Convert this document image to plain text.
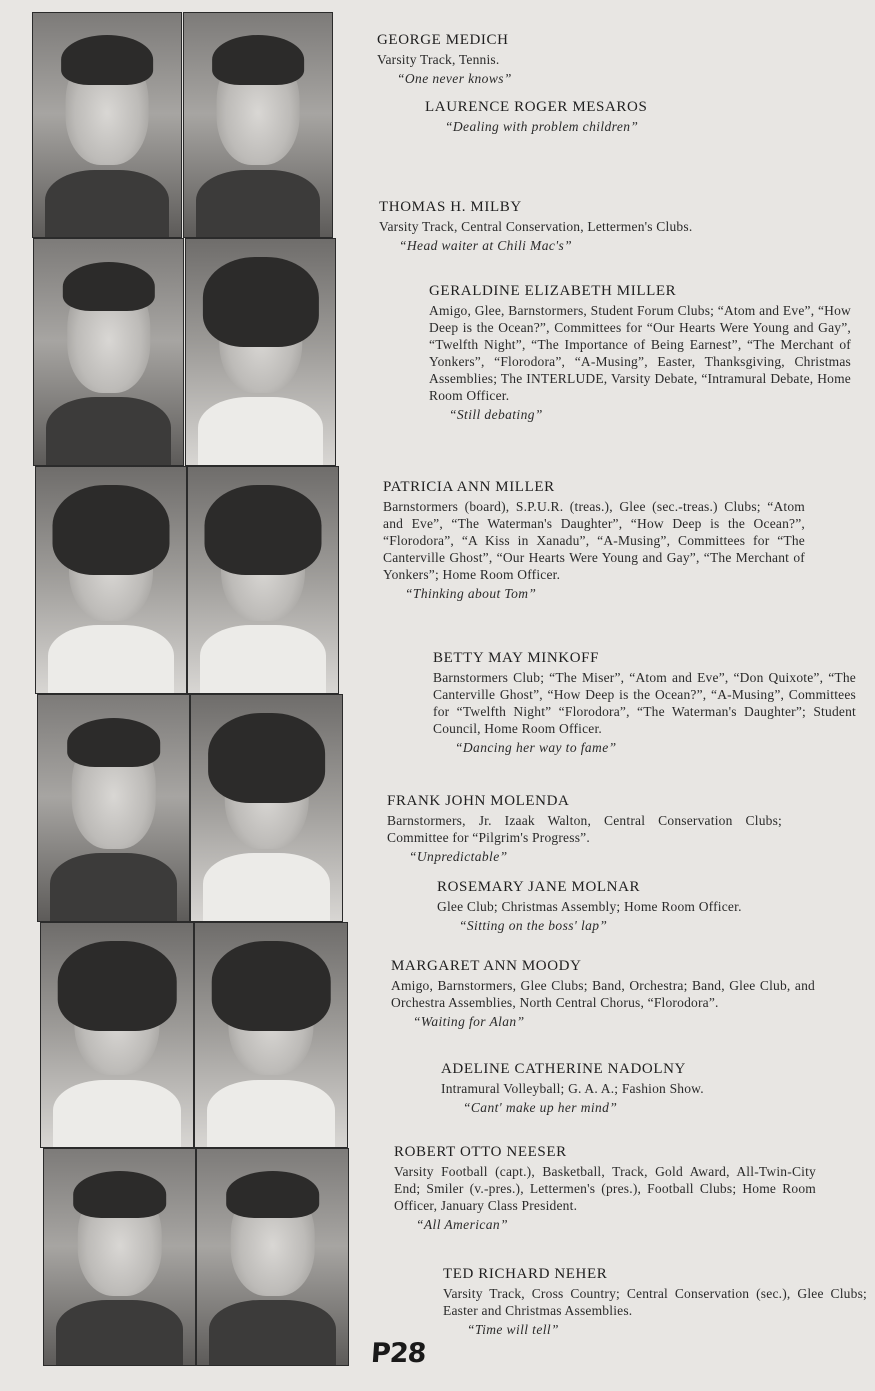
GEORGE MEDICH

Varsity Track, Tennis.

“One never knows”

LAURENCE ROGER MESAROS

“Dealing with problem children”

THOMAS H. MILBY

Varsity Track, Central Conservation, Lettermen's Clubs.

“Head waiter at Chili Mac's”

GERALDINE ELIZABETH MILLER

Amigo, Glee, Barnstormers, Student Forum Clubs; “Atom and Eve”, “How Deep is the Ocean?”, Committees for “Our Hearts Were Young and Gay”, “Twelfth Night”, “The Importance of Being Earnest”, “The Merchant of Yonkers”, “Florodora”, “A-Musing”, Easter, Thanksgiving, Christmas Assemblies; The INTERLUDE, Varsity Debate, “Intramural Debate, Home Room Officer.

“Still debating”

PATRICIA ANN MILLER

Barnstormers (board), S.P.U.R. (treas.), Glee (sec.-treas.) Clubs; “Atom and Eve”, “The Waterman's Daughter”, “How Deep is the Ocean?”, “Florodora”, “A Kiss in Xanadu”, “A-Musing”, Committees for “The Canterville Ghost”, “Our Hearts Were Young and Gay”, “The Merchant of Yonkers”; Home Room Officer.

“Thinking about Tom”

BETTY MAY MINKOFF

Barnstormers Club; “The Miser”, “Atom and Eve”, “Don Quixote”, “The Canterville Ghost”, “How Deep is the Ocean?”, “A-Musing”, Committees for “Twelfth Night” “Florodora”, “The Waterman's Daughter”; Student Council, Home Room Officer.

“Dancing her way to fame”

FRANK JOHN MOLENDA

Barnstormers, Jr. Izaak Walton, Central Conservation Clubs; Committee for “Pilgrim's Progress”.

“Unpredictable”

ROSEMARY JANE MOLNAR

Glee Club; Christmas Assembly; Home Room Officer.

“Sitting on the boss' lap”

MARGARET ANN MOODY

Amigo, Barnstormers, Glee Clubs; Band, Orchestra; Band, Glee Club, and Orchestra Assemblies, North Central Chorus, “Florodora”.

“Waiting for Alan”

ADELINE CATHERINE NADOLNY

Intramural Volleyball; G. A. A.; Fashion Show.

“Cant' make up her mind”

ROBERT OTTO NEESER

Varsity Football (capt.), Basketball, Track, Gold Award, All-Twin-City End; Smiler (v.-pres.), Lettermen's (pres.), Football Clubs; Home Room Officer, January Class President.

“All American”

TED RICHARD NEHER

Varsity Track, Cross Country; Central Conservation (sec.), Glee Clubs; Easter and Christmas Assemblies.

“Time will tell”

P28
